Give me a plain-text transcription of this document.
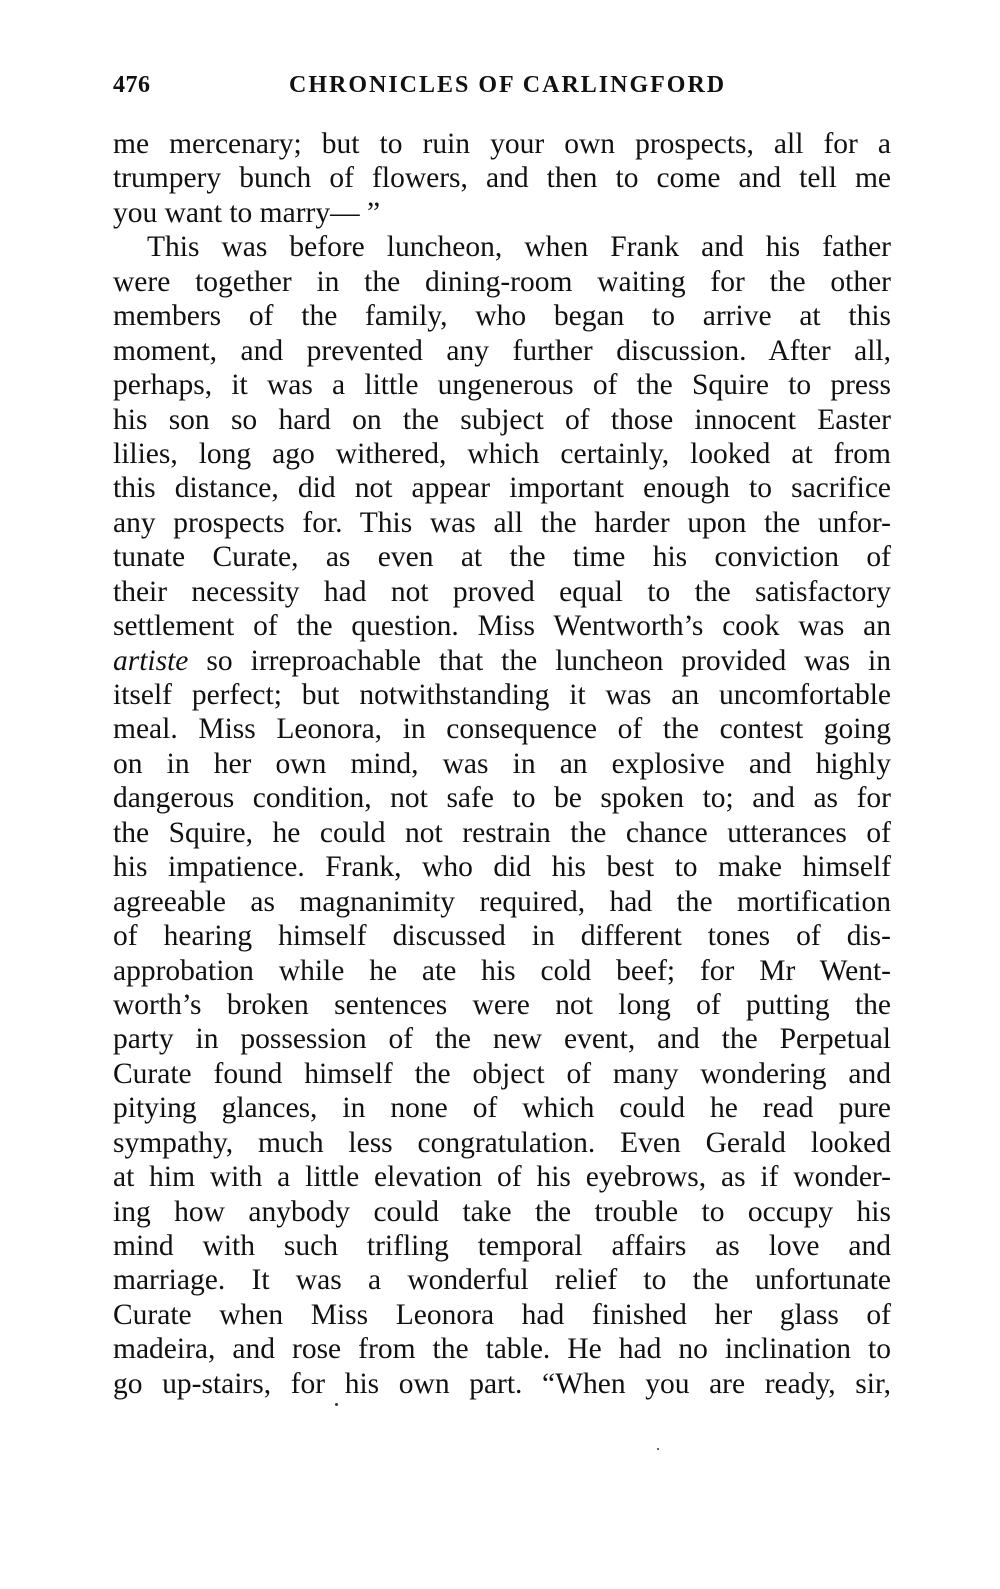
476	CHRONICLES OF CARLINGFORD
me mercenary; but to ruin your own prospects, all for a
trumpery bunch of flowers, and then to come and tell me
you want to marry— ”
This was before luncheon, when Frank and his father
were together in the dining-room waiting for the other
members of the family, who began to arrive at this
moment, and prevented any further discussion. After all,
perhaps, it was a little ungenerous of the Squire to press
his son so hard on the subject of those innocent Easter
lilies, long ago withered, which certainly, looked at from
this distance, did not appear important enough to sacrifice
any prospects for. This was all the harder upon the unfor-
tunate Curate, as even at the time his conviction of
their necessity had not proved equal to the satisfactory
settlement of the question. Miss Wentworth’s cook was an
artiste so irreproachable that the luncheon provided was in
itself perfect; but notwithstanding it was an uncomfortable
meal. Miss Leonora, in consequence of the contest going
on in her own mind, was in an explosive and highly
dangerous condition, not safe to be spoken to; and as for
the Squire, he could not restrain the chance utterances of
his impatience. Frank, who did his best to make himself
agreeable as magnanimity required, had the mortification
of hearing himself discussed in different tones of dis-
approbation while he ate his cold beef; for Mr Went-
worth’s broken sentences were not long of putting the
party in possession of the new event, and the Perpetual
Curate found himself the object of many wondering and
pitying glances, in none of which could he read pure
sympathy, much less congratulation. Even Gerald looked
at him with a little elevation of his eyebrows, as if wonder-
ing how anybody could take the trouble to occupy his
mind with such trifling temporal affairs as love and
marriage. It was a wonderful relief to the unfortunate
Curate when Miss Leonora had finished her glass of
madeira, and rose from the table. He had no inclination to
go up-stairs, for his own part. “When you are ready, sir,
